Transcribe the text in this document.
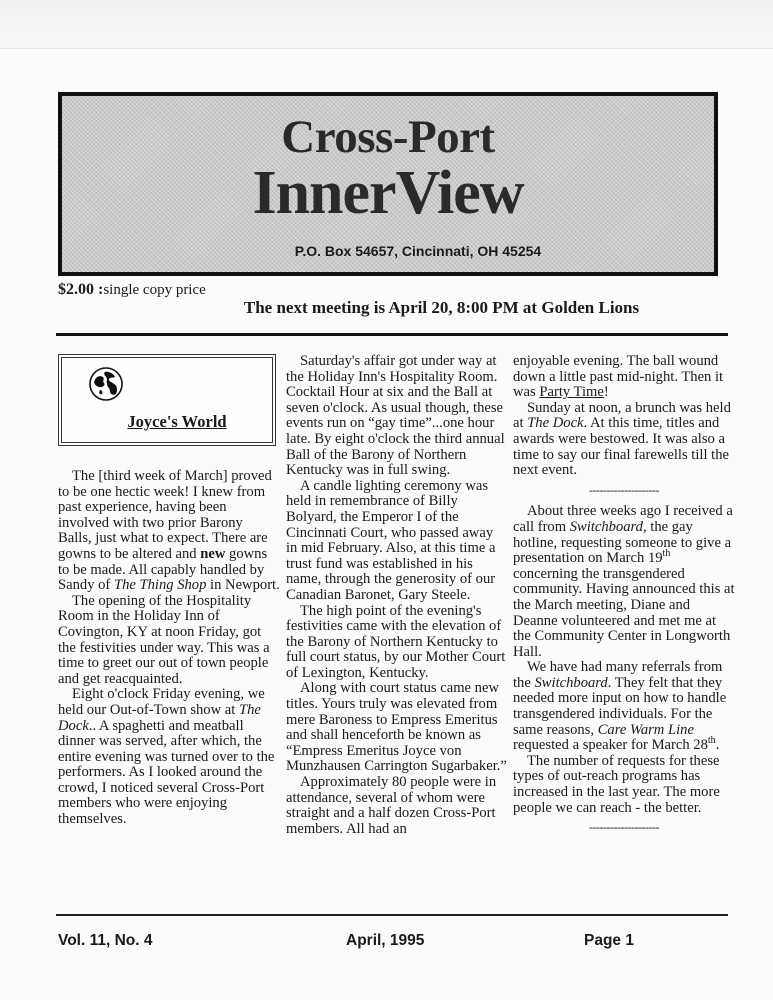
Cross-Port
InnerView
P.O. Box 54657, Cincinnati, OH 45254
$2.00 :single copy price
The next meeting is April 20, 8:00 PM at Golden Lions
Joyce's World

The [third week of March] proved to be one hectic week! I knew from past experience, having been involved with two prior Barony Balls, just what to expect. There are gowns to be altered and new gowns to be made. All capably handled by Sandy of The Thing Shop in Newport.

The opening of the Hospitality Room in the Holiday Inn of Covington, KY at noon Friday, got the festivities under way. This was a time to greet our out of town people and get reacquainted.

Eight o'clock Friday evening, we held our Out-of-Town show at The Dock.. A spaghetti and meatball dinner was served, after which, the entire evening was turned over to the performers. As I looked around the crowd, I noticed several Cross-Port members who were enjoying themselves.

Saturday's affair got under way at the Holiday Inn's Hospitality Room. Cocktail Hour at six and the Ball at seven o'clock. As usual though, these events run on “gay time”...one hour late. By eight o'clock the third annual Ball of the Barony of Northern Kentucky was in full swing.

A candle lighting ceremony was held in remembrance of Billy Bolyard, the Emperor I of the Cincinnati Court, who passed away in mid February. Also, at this time a trust fund was established in his name, through the generosity of our Canadian Baronet, Gary Steele.

The high point of the evening's festivities came with the elevation of the Barony of Northern Kentucky to full court status, by our Mother Court of Lexington, Kentucky.

Along with court status came new titles. Yours truly was elevated from mere Baroness to Empress Emeritus and shall henceforth be known as “Empress Emeritus Joyce von Munzhausen Carrington Sugarbaker.”

Approximately 80 people were in attendance, several of whom were straight and a half dozen Cross-Port members. All had an

enjoyable evening. The ball wound down a little past mid-night. Then it was Party Time!

Sunday at noon, a brunch was held at The Dock. At this time, titles and awards were bestowed. It was also a time to say our final farewells till the next event.

--------------------

About three weeks ago I received a call from Switchboard, the gay hotline, requesting someone to give a presentation on March 19th concerning the transgendered community. Having announced this at the March meeting, Diane and Deanne volunteered and met me at the Community Center in Longworth Hall.

We have had many referrals from the Switchboard. They felt that they needed more input on how to handle transgendered individuals. For the same reasons, Care Warm Line requested a speaker for March 28th.

The number of requests for these types of out-reach programs has increased in the last year. The more people we can reach - the better.

--------------------
Vol. 11, No. 4	April, 1995	Page 1
